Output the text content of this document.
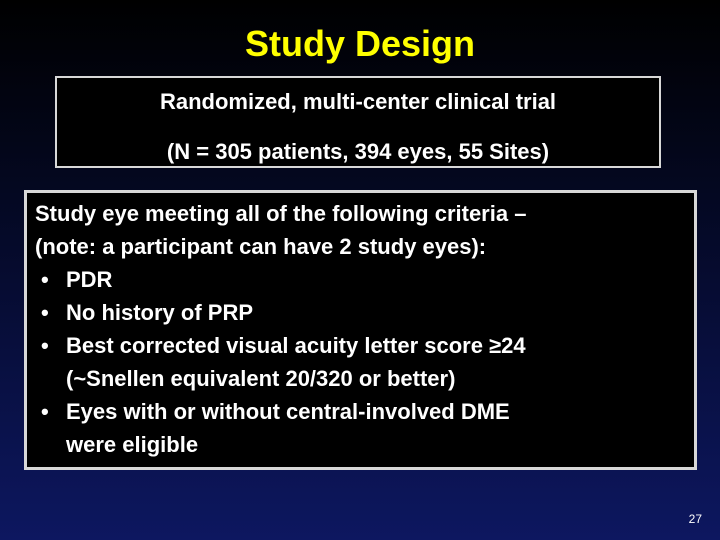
Study Design
Randomized, multi-center clinical trial
(N = 305 patients, 394 eyes, 55 Sites)
Study eye meeting all of the following criteria –
(note: a participant can have 2 study eyes):
• PDR
• No history of PRP
• Best corrected visual acuity letter score ≥24
(~Snellen equivalent 20/320 or better)
• Eyes with or without central-involved DME
were eligible
27
